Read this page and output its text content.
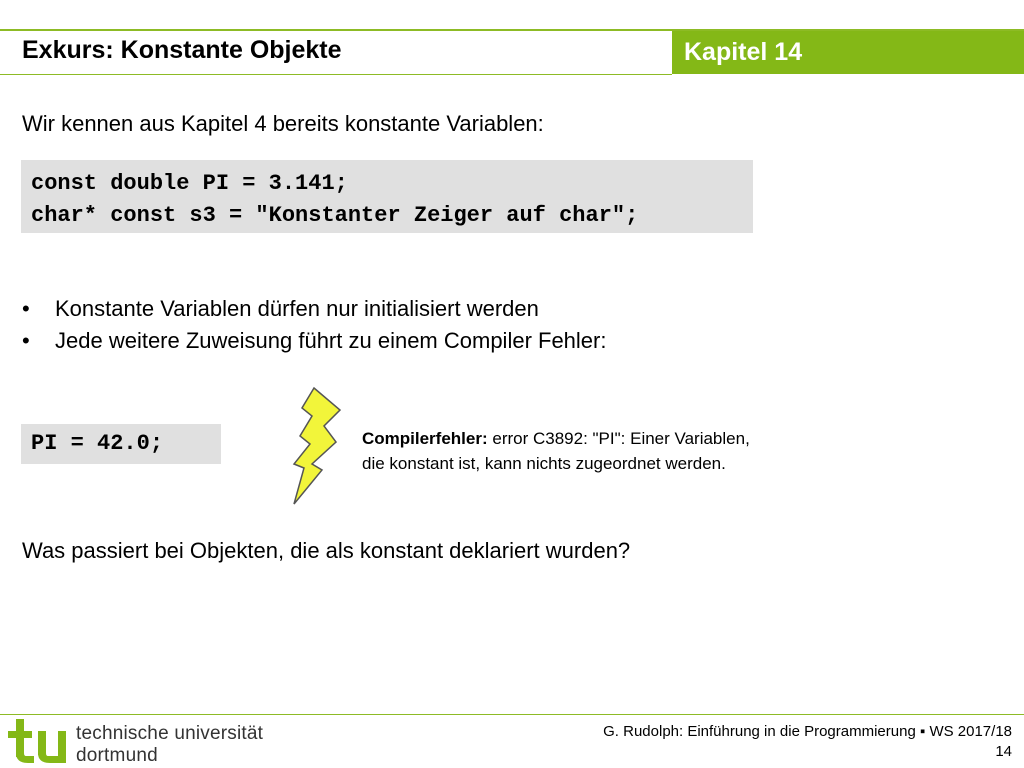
Exkurs: Konstante Objekte	Kapitel 14
Wir kennen aus Kapitel 4 bereits konstante Variablen:
const double PI = 3.141;
char* const s3 = "Konstanter Zeiger auf char";
• Konstante Variablen dürfen nur initialisiert werden
• Jede weitere Zuweisung führt zu einem Compiler Fehler:
PI = 42.0;	Compilerfehler: error C3892: "PI": Einer Variablen,
die konstant ist, kann nichts zugeordnet werden.
Was passiert bei Objekten, die als konstant deklariert wurden?
technische universität
dortmund
G. Rudolph: Einführung in die Programmierung ▪ WS 2017/18
14
